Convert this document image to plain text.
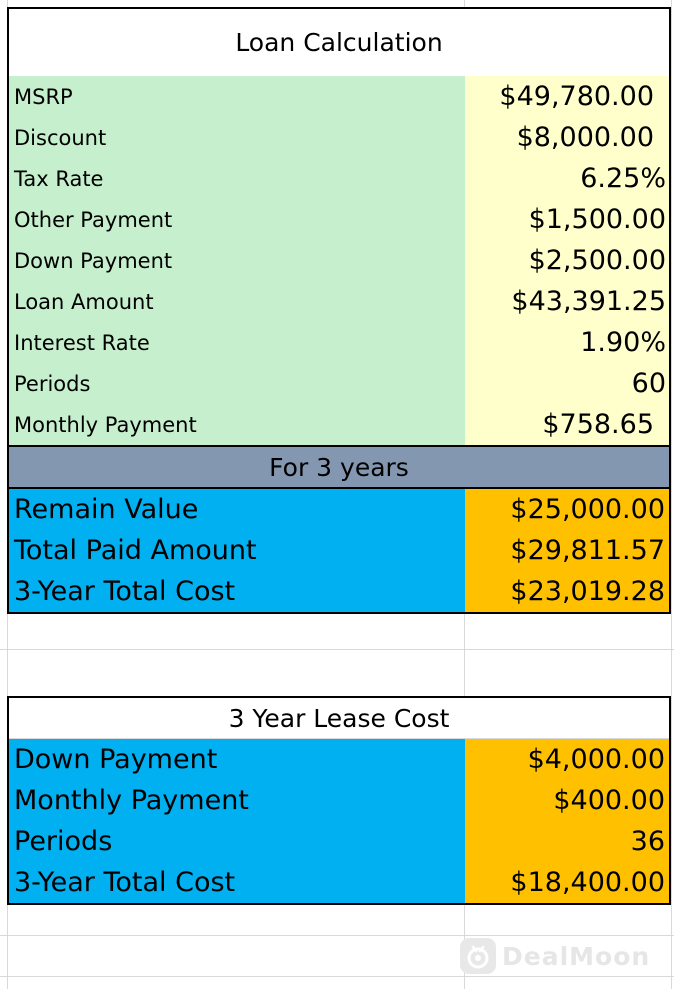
Loan Calculation
MSRP	$49,780.00
Discount	$8,000.00
Tax Rate	6.25%
Other Payment	$1,500.00
Down Payment	$2,500.00
Loan Amount	$43,391.25
Interest Rate	1.90%
Periods	60
Monthly Payment	$758.65
For 3 years
Remain Value	$25,000.00
Total Paid Amount	$29,811.57
3-Year Total Cost	$23,019.28
3 Year Lease Cost
Down Payment	$4,000.00
Monthly Payment	$400.00
Periods	36
3-Year Total Cost	$18,400.00
DealMoon
